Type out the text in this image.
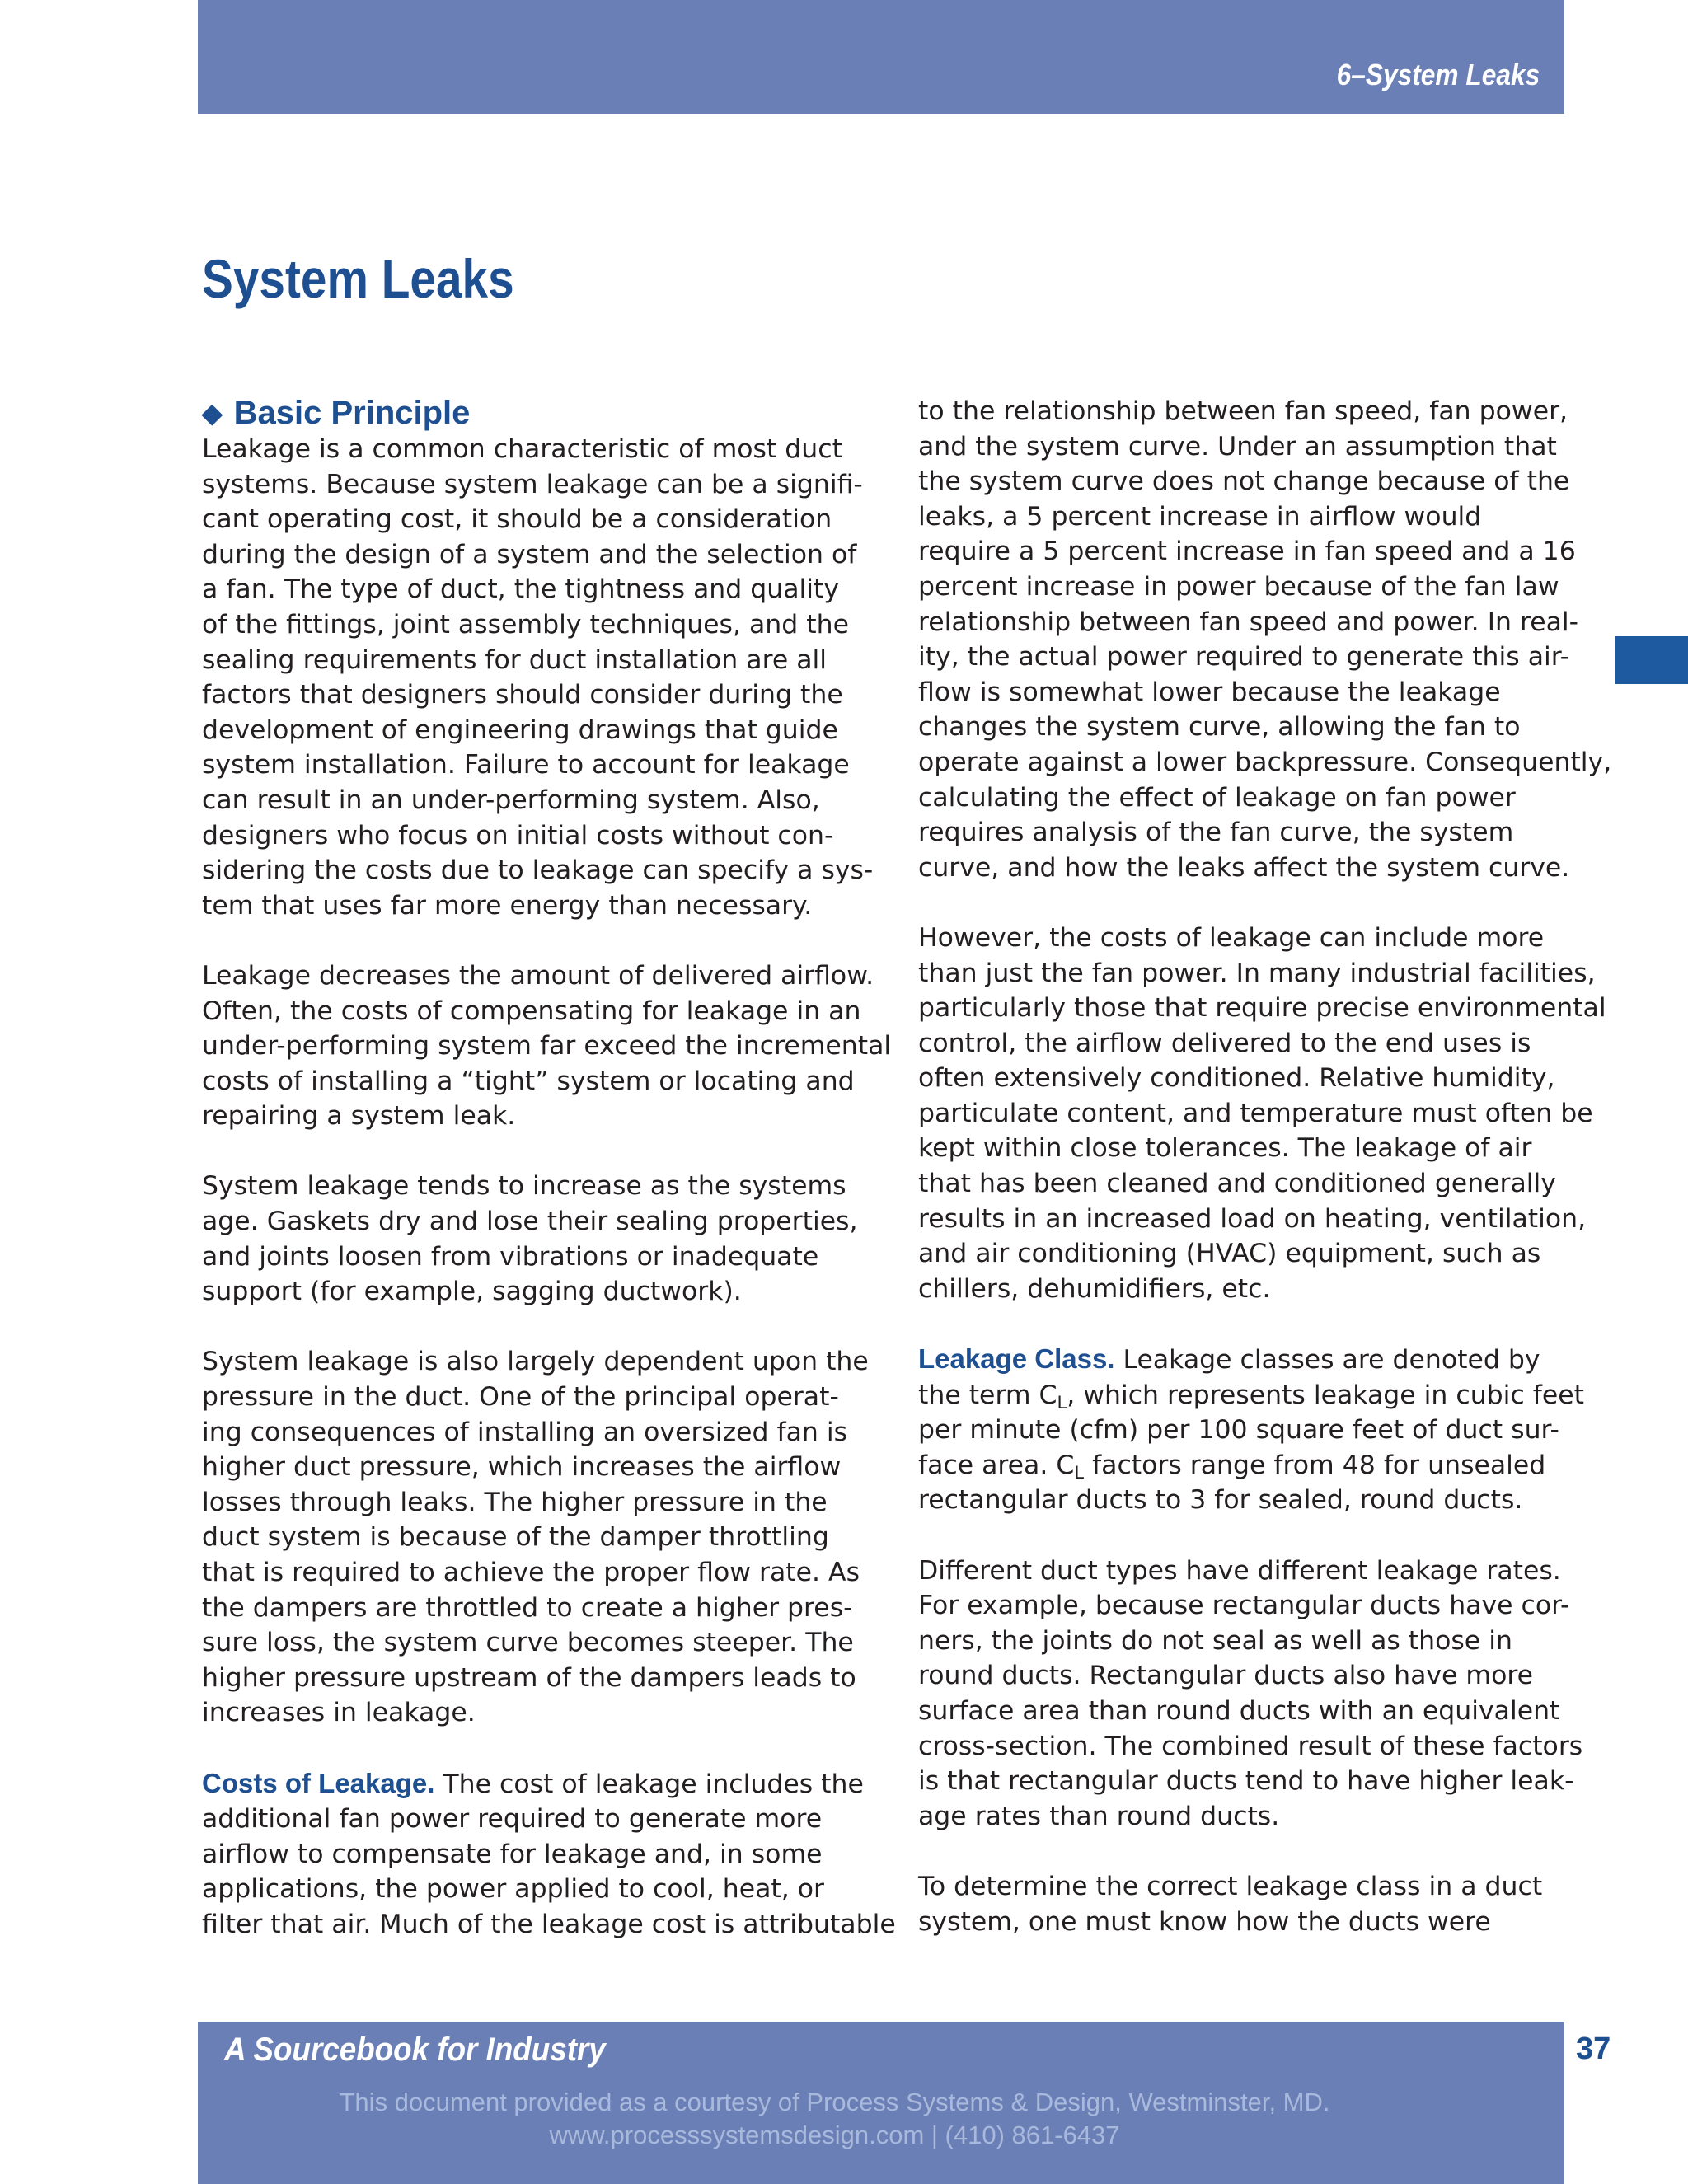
6–System Leaks
System Leaks
◆ Basic Principle
Leakage is a common characteristic of most duct
systems. Because system leakage can be a signifi-
cant operating cost, it should be a consideration
during the design of a system and the selection of
a fan. The type of duct, the tightness and quality
of the fittings, joint assembly techniques, and the
sealing requirements for duct installation are all
factors that designers should consider during the
development of engineering drawings that guide
system installation. Failure to account for leakage
can result in an under-performing system. Also,
designers who focus on initial costs without con-
sidering the costs due to leakage can specify a sys-
tem that uses far more energy than necessary.
Leakage decreases the amount of delivered airflow.
Often, the costs of compensating for leakage in an
under-performing system far exceed the incremental
costs of installing a “tight” system or locating and
repairing a system leak.
System leakage tends to increase as the systems
age. Gaskets dry and lose their sealing properties,
and joints loosen from vibrations or inadequate
support (for example, sagging ductwork).
System leakage is also largely dependent upon the
pressure in the duct. One of the principal operat-
ing consequences of installing an oversized fan is
higher duct pressure, which increases the airflow
losses through leaks. The higher pressure in the
duct system is because of the damper throttling
that is required to achieve the proper flow rate. As
the dampers are throttled to create a higher pres-
sure loss, the system curve becomes steeper. The
higher pressure upstream of the dampers leads to
increases in leakage.
Costs of Leakage. The cost of leakage includes the
additional fan power required to generate more
airflow to compensate for leakage and, in some
applications, the power applied to cool, heat, or
filter that air. Much of the leakage cost is attributable
to the relationship between fan speed, fan power,
and the system curve. Under an assumption that
the system curve does not change because of the
leaks, a 5 percent increase in airflow would
require a 5 percent increase in fan speed and a 16
percent increase in power because of the fan law
relationship between fan speed and power. In real-
ity, the actual power required to generate this air-
flow is somewhat lower because the leakage
changes the system curve, allowing the fan to
operate against a lower backpressure. Consequently,
calculating the effect of leakage on fan power
requires analysis of the fan curve, the system
curve, and how the leaks affect the system curve.
However, the costs of leakage can include more
than just the fan power. In many industrial facilities,
particularly those that require precise environmental
control, the airflow delivered to the end uses is
often extensively conditioned. Relative humidity,
particulate content, and temperature must often be
kept within close tolerances. The leakage of air
that has been cleaned and conditioned generally
results in an increased load on heating, ventilation,
and air conditioning (HVAC) equipment, such as
chillers, dehumidifiers, etc.
Leakage Class. Leakage classes are denoted by
the term $C_L$, which represents leakage in cubic feet
per minute (cfm) per 100 square feet of duct sur-
face area. $C_L$ factors range from 48 for unsealed
rectangular ducts to 3 for sealed, round ducts.
Different duct types have different leakage rates.
For example, because rectangular ducts have cor-
ners, the joints do not seal as well as those in
round ducts. Rectangular ducts also have more
surface area than round ducts with an equivalent
cross-section. The combined result of these factors
is that rectangular ducts tend to have higher leak-
age rates than round ducts.
To determine the correct leakage class in a duct
system, one must know how the ducts were
A Sourcebook for Industry
This document provided as a courtesy of Process Systems & Design, Westminster, MD.
www.processsystemsdesign.com | (410) 861-6437
37
